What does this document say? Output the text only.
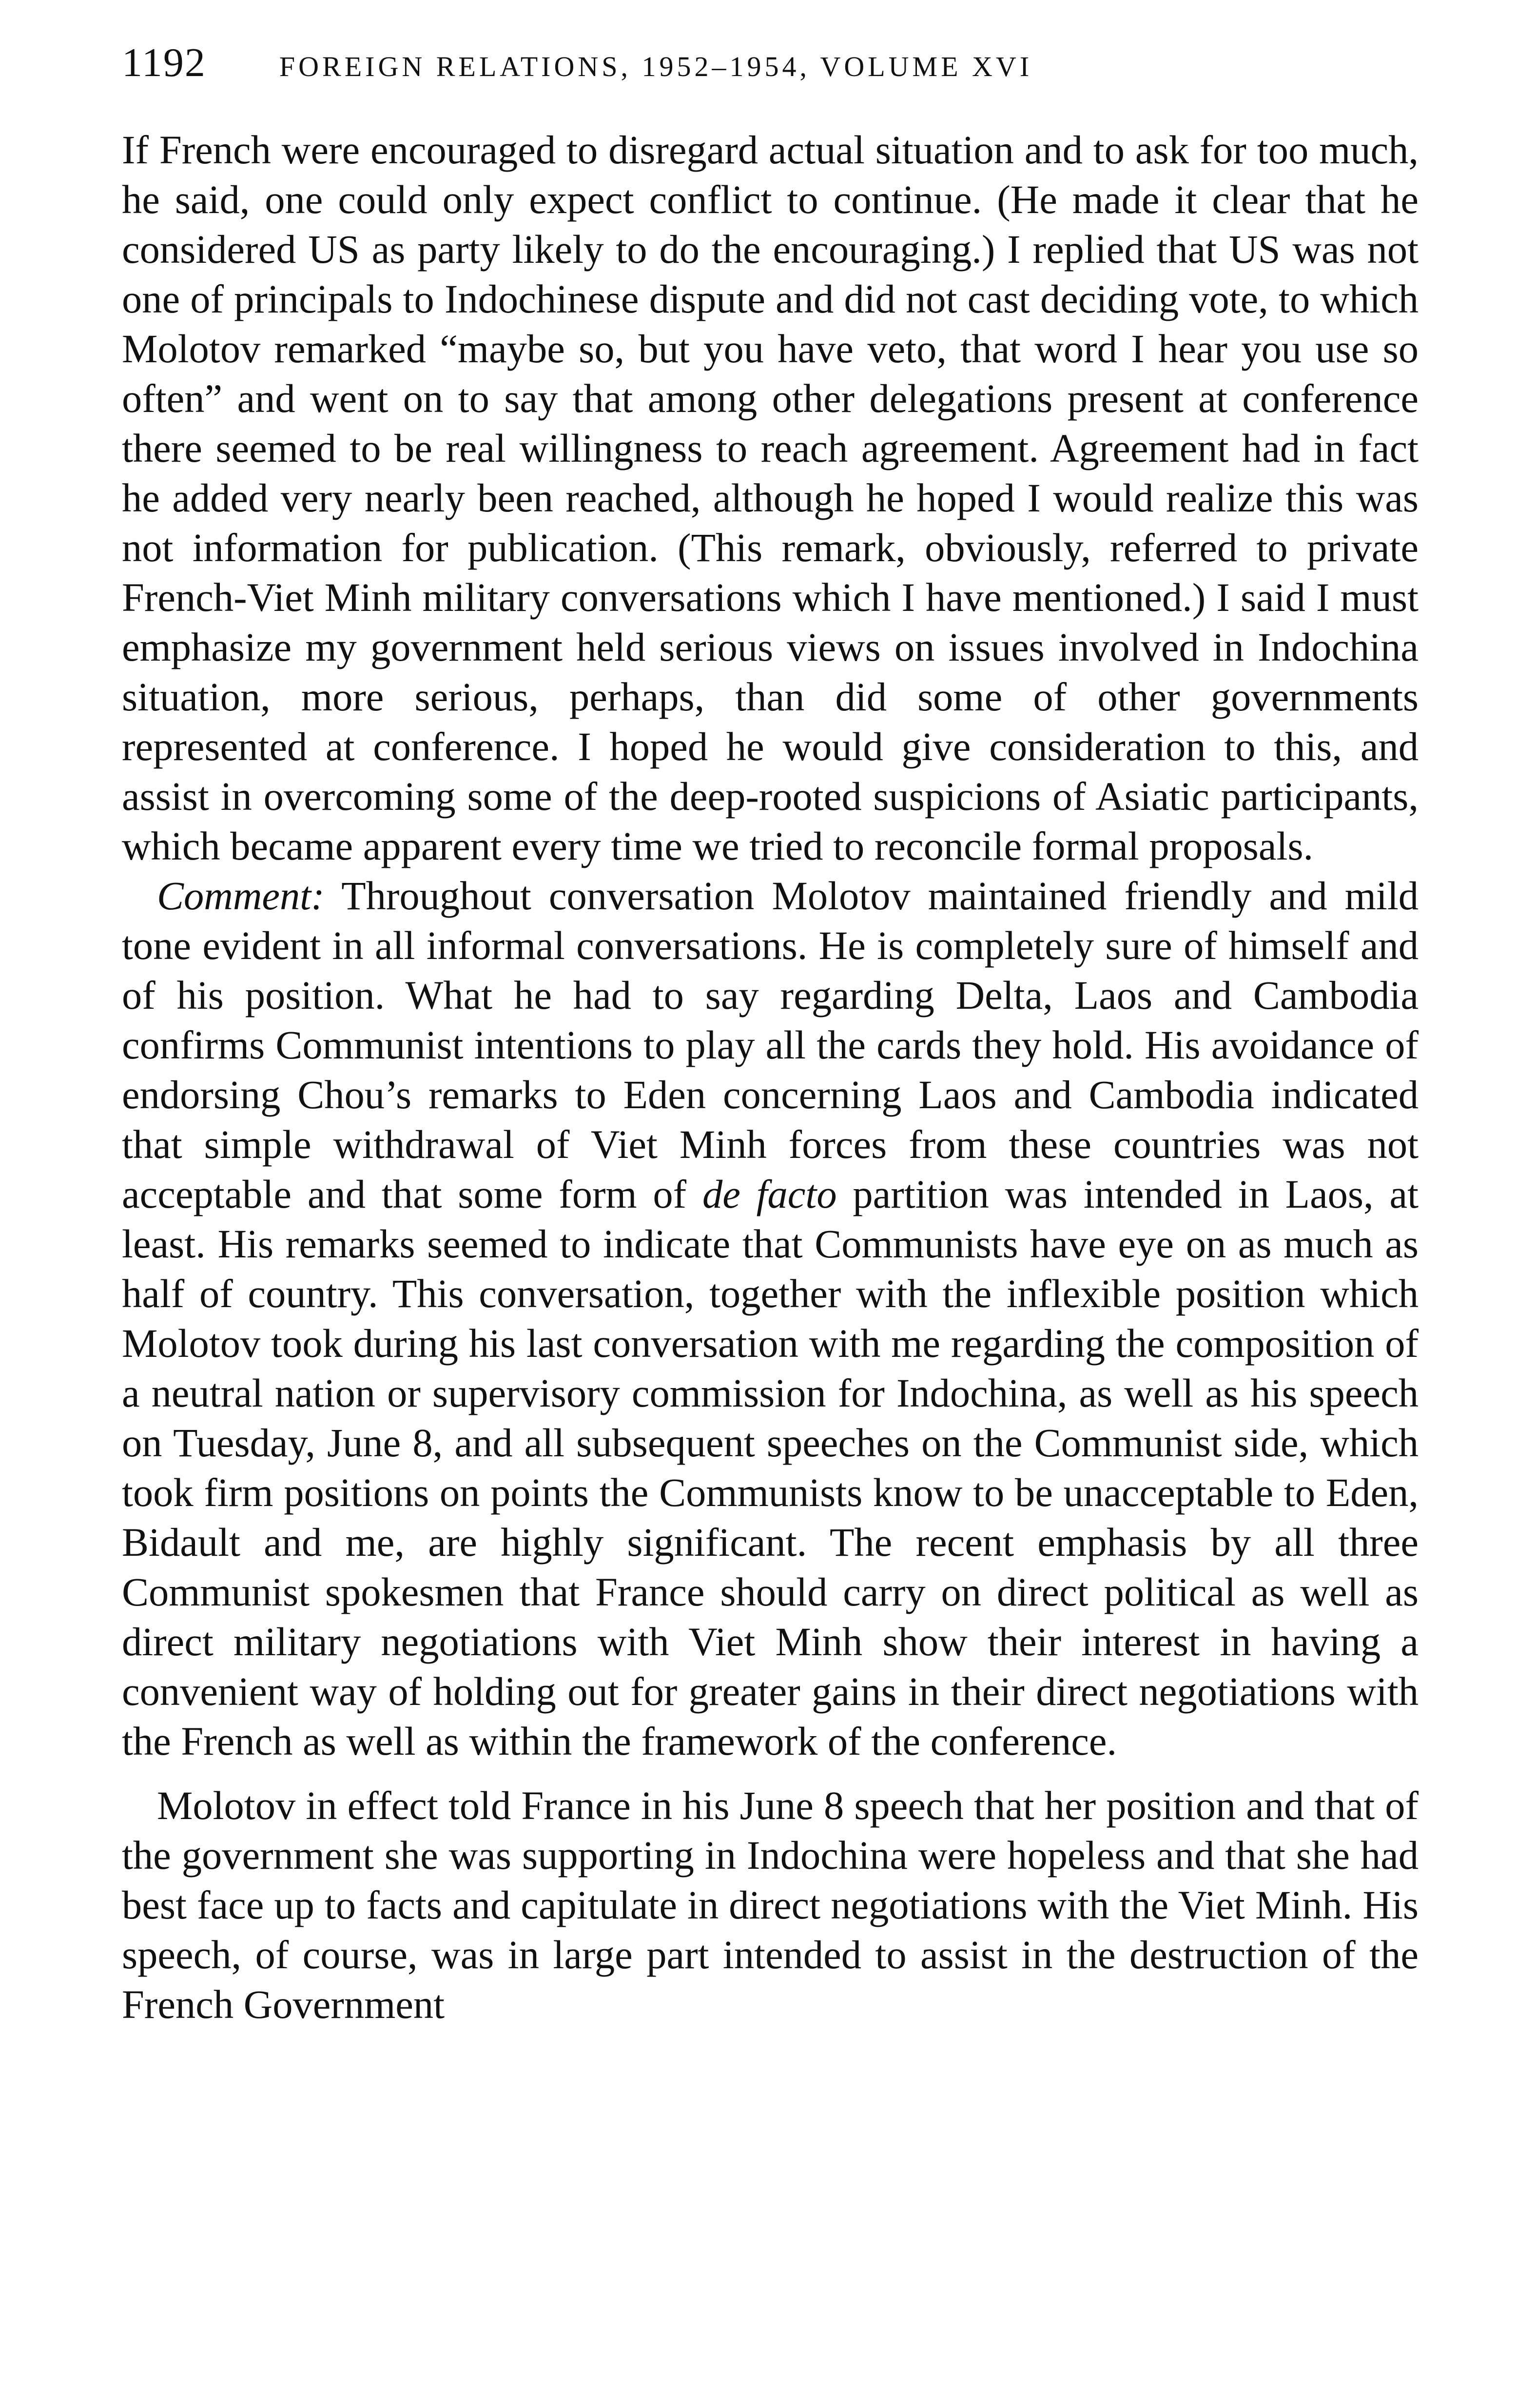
1192	FOREIGN RELATIONS, 1952–1954, VOLUME XVI

If French were encouraged to disregard actual situation and to ask for too much, he said, one could only expect conflict to continue. (He made it clear that he considered US as party likely to do the encouraging.) I replied that US was not one of principals to Indochinese dispute and did not cast deciding vote, to which Molotov remarked “maybe so, but you have veto, that word I hear you use so often” and went on to say that among other delegations present at conference there seemed to be real willingness to reach agreement. Agreement had in fact he added very nearly been reached, although he hoped I would realize this was not information for publication. (This remark, obviously, referred to private French-Viet Minh military conversations which I have mentioned.) I said I must emphasize my government held serious views on issues involved in Indochina situation, more serious, perhaps, than did some of other governments represented at conference. I hoped he would give consideration to this, and assist in overcoming some of the deep-rooted suspicions of Asiatic participants, which became apparent every time we tried to reconcile formal proposals.

Comment: Throughout conversation Molotov maintained friendly and mild tone evident in all informal conversations. He is completely sure of himself and of his position. What he had to say regarding Delta, Laos and Cambodia confirms Communist intentions to play all the cards they hold. His avoidance of endorsing Chou’s remarks to Eden concerning Laos and Cambodia indicated that simple withdrawal of Viet Minh forces from these countries was not acceptable and that some form of de facto partition was intended in Laos, at least. His remarks seemed to indicate that Communists have eye on as much as half of country. This conversation, together with the inflexible position which Molotov took during his last conversation with me regarding the composition of a neutral nation or supervisory commission for Indochina, as well as his speech on Tuesday, June 8, and all subsequent speeches on the Communist side, which took firm positions on points the Communists know to be unacceptable to Eden, Bidault and me, are highly significant. The recent emphasis by all three Communist spokesmen that France should carry on direct political as well as direct military negotiations with Viet Minh show their interest in having a convenient way of holding out for greater gains in their direct negotiations with the French as well as within the framework of the conference.

Molotov in effect told France in his June 8 speech that her position and that of the government she was supporting in Indochina were hopeless and that she had best face up to facts and capitulate in direct negotiations with the Viet Minh. His speech, of course, was in large part intended to assist in the destruction of the French Government
